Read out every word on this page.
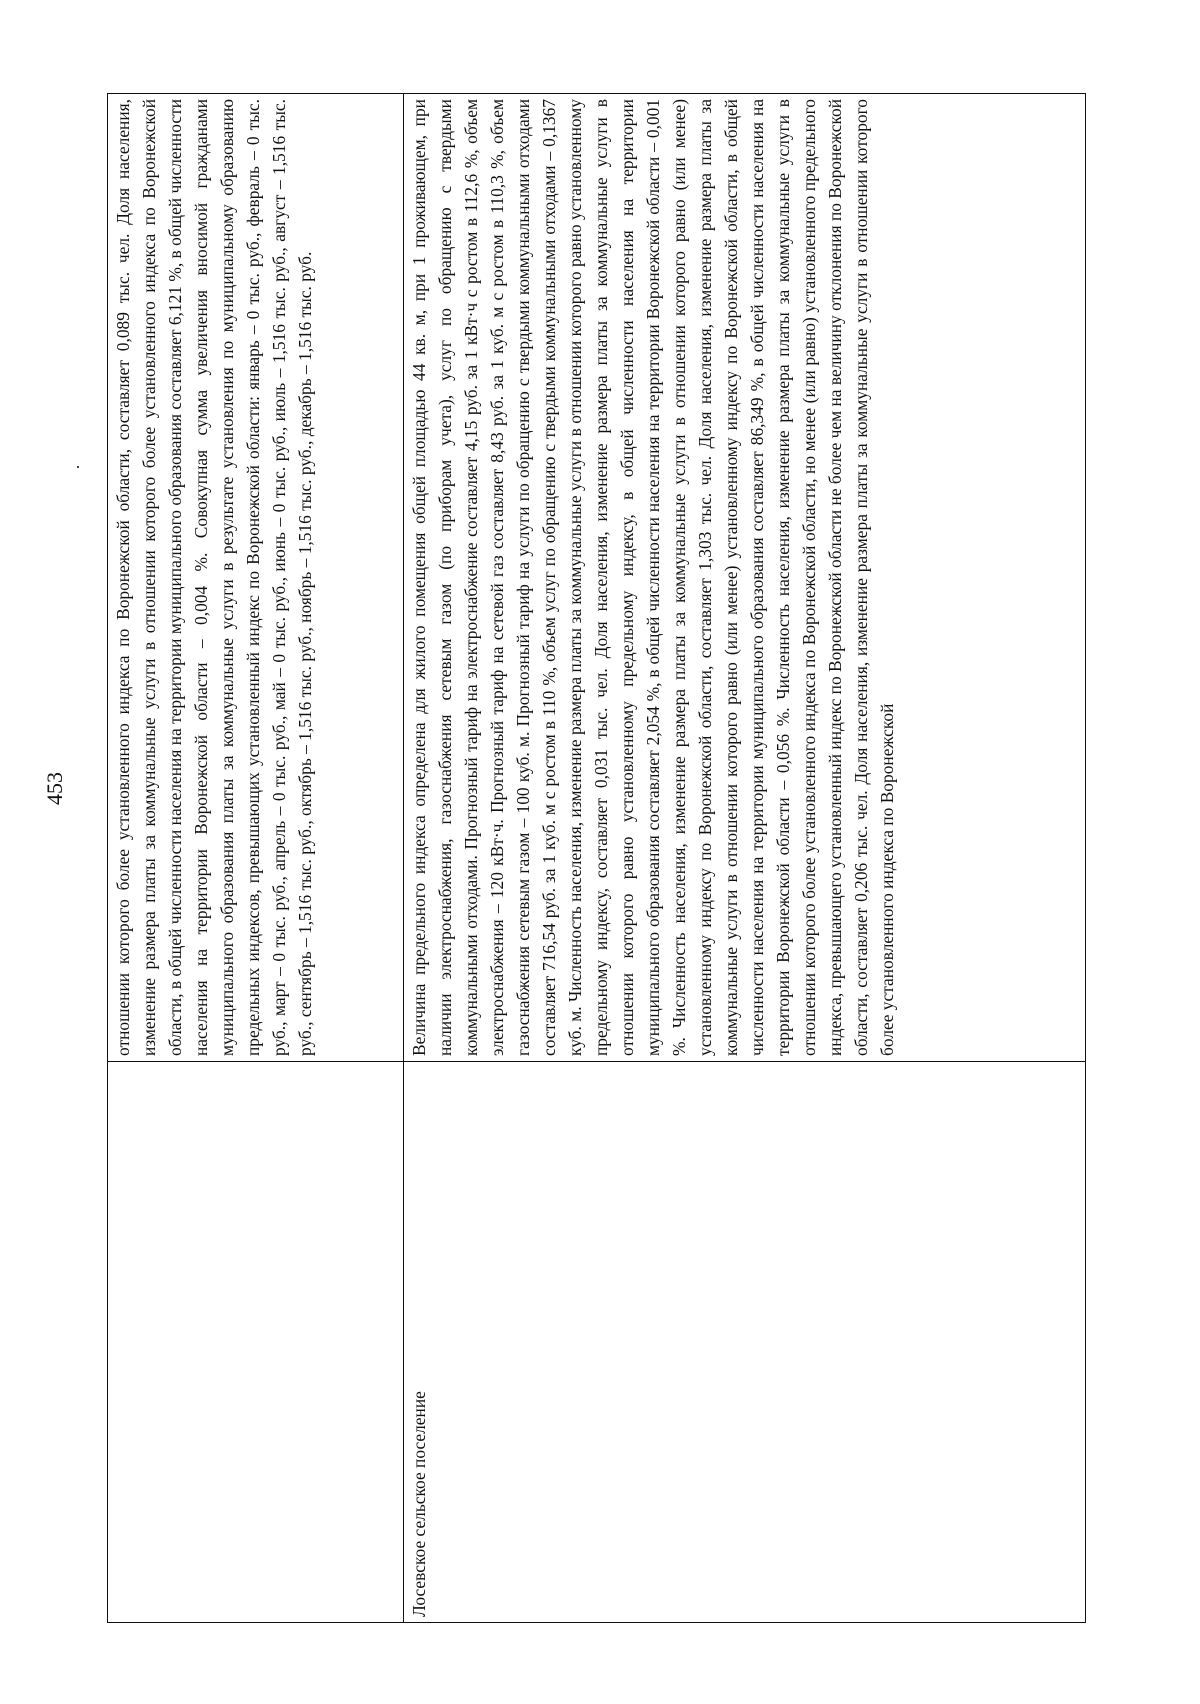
453
		отношении которого более установленного индекса по Воронежской области, составляет 0,089 тыс. чел. Доля населения, изменение размера платы за коммунальные услуги в отношении которого более установленного индекса по Воронежской области, в общей численности населения на территории муниципального образования составляет 6,121 %, в общей численности населения на территории Воронежской области – 0,004 %. Совокупная сумма увеличения вносимой гражданами муниципального образования платы за коммунальные услуги в результате установления по муниципальному образованию предельных индексов, превышающих установленный индекс по Воронежской области: январь – 0 тыс. руб., февраль – 0 тыс. руб., март – 0 тыс. руб., апрель – 0 тыс. руб., май – 0 тыс. руб., июнь – 0 тыс. руб., июль – 1,516 тыс. руб., август – 1,516 тыс. руб., сентябрь – 1,516 тыс. руб., октябрь – 1,516 тыс. руб., ноябрь – 1,516 тыс. руб., декабрь – 1,516 тыс. руб.
Лосевское сельское поселение	Величина предельного индекса определена для жилого помещения общей площадью 44 кв. м, при 1 проживающем, при наличии электроснабжения, газоснабжения сетевым газом (по приборам учета), услуг по обращению с твердыми коммунальными отходами. Прогнозный тариф на электроснабжение составляет 4,15 руб. за 1 кВт·ч с ростом в 112,6 %, объем электроснабжения – 120 кВт·ч. Прогнозный тариф на сетевой газ составляет 8,43 руб. за 1 куб. м с ростом в 110,3 %, объем газоснабжения сетевым газом – 100 куб. м. Прогнозный тариф на услуги по обращению с твердыми коммунальными отходами составляет 716,54 руб. за 1 куб. м с ростом в 110 %, объем услуг по обращению с твердыми коммунальными отходами – 0,1367 куб. м. Численность населения, изменение размера платы за коммунальные услуги в отношении которого равно установленному предельному индексу, составляет 0,031 тыс. чел. Доля населения, изменение размера платы за коммунальные услуги в отношении которого равно установленному предельному индексу, в общей численности населения на территории муниципального образования составляет 2,054 %, в общей численности населения на территории Воронежской области – 0,001 %. Численность населения, изменение размера платы за коммунальные услуги в отношении которого равно (или менее) установленному индексу по Воронежской области, составляет 1,303 тыс. чел. Доля населения, изменение размера платы за коммунальные услуги в отношении которого равно (или менее) установленному индексу по Воронежской области, в общей численности населения на территории муниципального образования составляет 86,349 %, в общей численности населения на территории Воронежской области – 0,056 %. Численность населения, изменение размера платы за коммунальные услуги в отношении которого более установленного индекса по Воронежской области, но менее (или равно) установленного предельного индекса, превышающего установленный индекс по Воронежской области не более чем на величину отклонения по Воронежской области, составляет 0,206 тыс. чел. Доля населения, изменение размера платы за коммунальные услуги в отношении которого более установленного индекса по Воронежской
